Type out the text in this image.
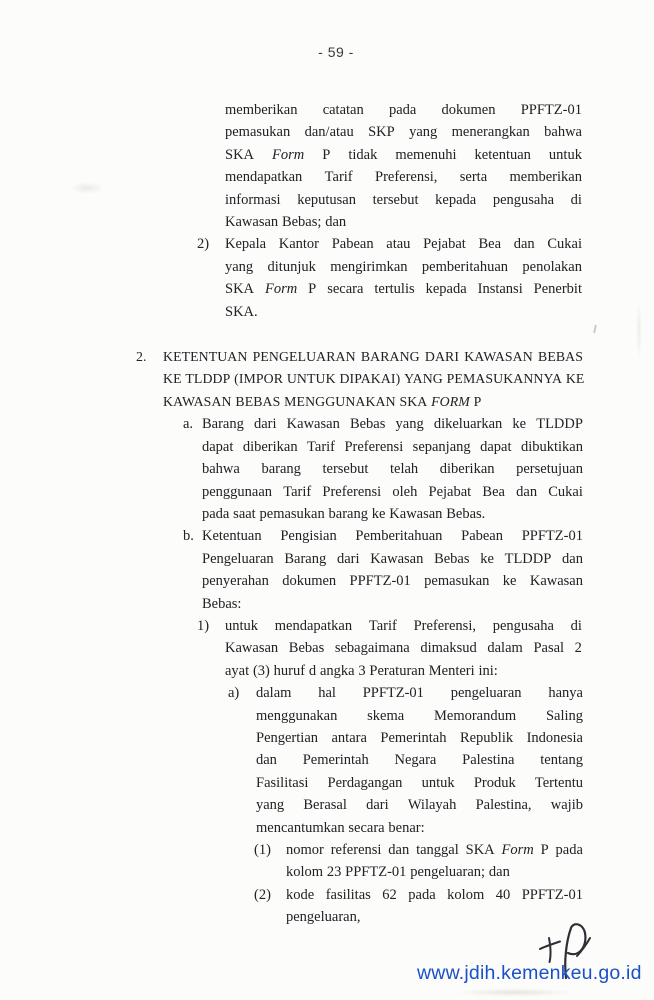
- 59 -
memberikan catatan pada dokumen PPFTZ-01
pemasukan dan/atau SKP yang menerangkan bahwa
SKA Form P tidak memenuhi ketentuan untuk
mendapatkan Tarif Preferensi, serta memberikan
informasi keputusan tersebut kepada pengusaha di
Kawasan Bebas; dan
2) Kepala Kantor Pabean atau Pejabat Bea dan Cukai
yang ditunjuk mengirimkan pemberitahuan penolakan
SKA Form P secara tertulis kepada Instansi Penerbit
SKA.
2. KETENTUAN PENGELUARAN BARANG DARI KAWASAN BEBAS
KE TLDDP (IMPOR UNTUK DIPAKAI) YANG PEMASUKANNYA KE
KAWASAN BEBAS MENGGUNAKAN SKA FORM P
a. Barang dari Kawasan Bebas yang dikeluarkan ke TLDDP
dapat diberikan Tarif Preferensi sepanjang dapat dibuktikan
bahwa barang tersebut telah diberikan persetujuan
penggunaan Tarif Preferensi oleh Pejabat Bea dan Cukai
pada saat pemasukan barang ke Kawasan Bebas.
b. Ketentuan Pengisian Pemberitahuan Pabean PPFTZ-01
Pengeluaran Barang dari Kawasan Bebas ke TLDDP dan
penyerahan dokumen PPFTZ-01 pemasukan ke Kawasan
Bebas:
1) untuk mendapatkan Tarif Preferensi, pengusaha di
Kawasan Bebas sebagaimana dimaksud dalam Pasal 2
ayat (3) huruf d angka 3 Peraturan Menteri ini:
a) dalam hal PPFTZ-01 pengeluaran hanya
menggunakan skema Memorandum Saling
Pengertian antara Pemerintah Republik Indonesia
dan Pemerintah Negara Palestina tentang
Fasilitasi Perdagangan untuk Produk Tertentu
yang Berasal dari Wilayah Palestina, wajib
mencantumkan secara benar:
(1) nomor referensi dan tanggal SKA Form P pada
kolom 23 PPFTZ-01 pengeluaran; dan
(2) kode fasilitas 62 pada kolom 40 PPFTZ-01
pengeluaran,
www.jdih.kemenkeu.go.id
